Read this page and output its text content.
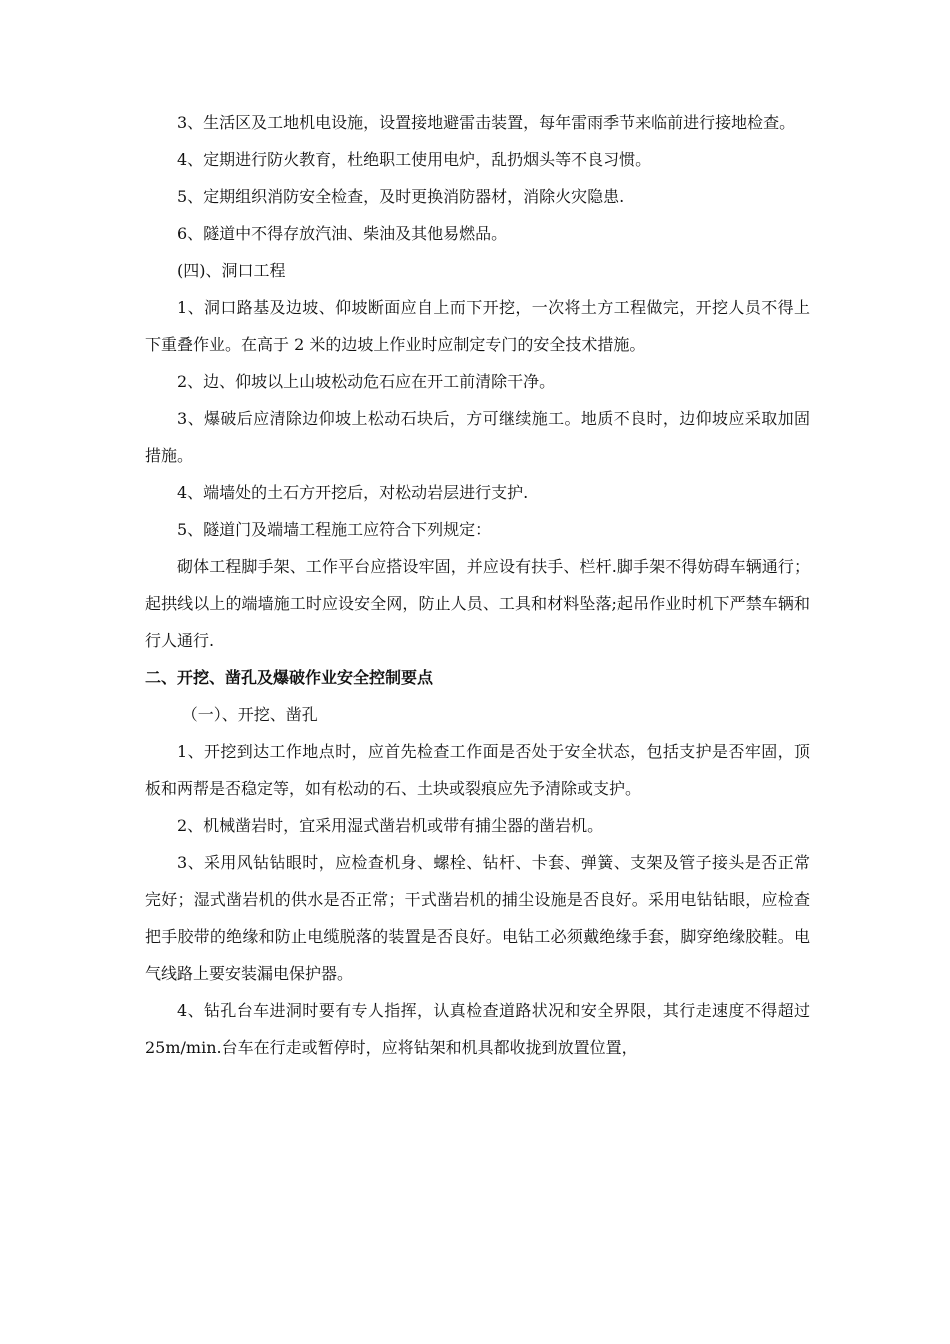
3、生活区及工地机电设施，设置接地避雷击装置，每年雷雨季节来临前进行接地检查。

4、定期进行防火教育，杜绝职工使用电炉，乱扔烟头等不良习惯。

5、定期组织消防安全检查，及时更换消防器材，消除火灾隐患.

6、隧道中不得存放汽油、柴油及其他易燃品。

(四)、洞口工程

1、洞口路基及边坡、仰坡断面应自上而下开挖，一次将土方工程做完，开挖人员不得上下重叠作业。在高于 2 米的边坡上作业时应制定专门的安全技术措施。

2、边、仰坡以上山坡松动危石应在开工前清除干净。

3、爆破后应清除边仰坡上松动石块后，方可继续施工。地质不良时，边仰坡应采取加固措施。

4、端墙处的土石方开挖后，对松动岩层进行支护.

5、隧道门及端墙工程施工应符合下列规定：

砌体工程脚手架、工作平台应搭设牢固，并应设有扶手、栏杆.脚手架不得妨碍车辆通行；起拱线以上的端墙施工时应设安全网，防止人员、工具和材料坠落;起吊作业时机下严禁车辆和行人通行.

二、开挖、凿孔及爆破作业安全控制要点

（一）、开挖、凿孔

1、开挖到达工作地点时，应首先检查工作面是否处于安全状态，包括支护是否牢固，顶板和两帮是否稳定等，如有松动的石、土块或裂痕应先予清除或支护。

2、机械凿岩时，宜采用湿式凿岩机或带有捕尘器的凿岩机。

3、采用风钻钻眼时，应检查机身、螺栓、钻杆、卡套、弹簧、支架及管子接头是否正常完好；湿式凿岩机的供水是否正常；干式凿岩机的捕尘设施是否良好。采用电钻钻眼，应检查把手胶带的绝缘和防止电缆脱落的装置是否良好。电钻工必须戴绝缘手套，脚穿绝缘胶鞋。电气线路上要安装漏电保护器。

4、钻孔台车进洞时要有专人指挥，认真检查道路状况和安全界限，其行走速度不得超过 25m/min.台车在行走或暂停时，应将钻架和机具都收拢到放置位置，
